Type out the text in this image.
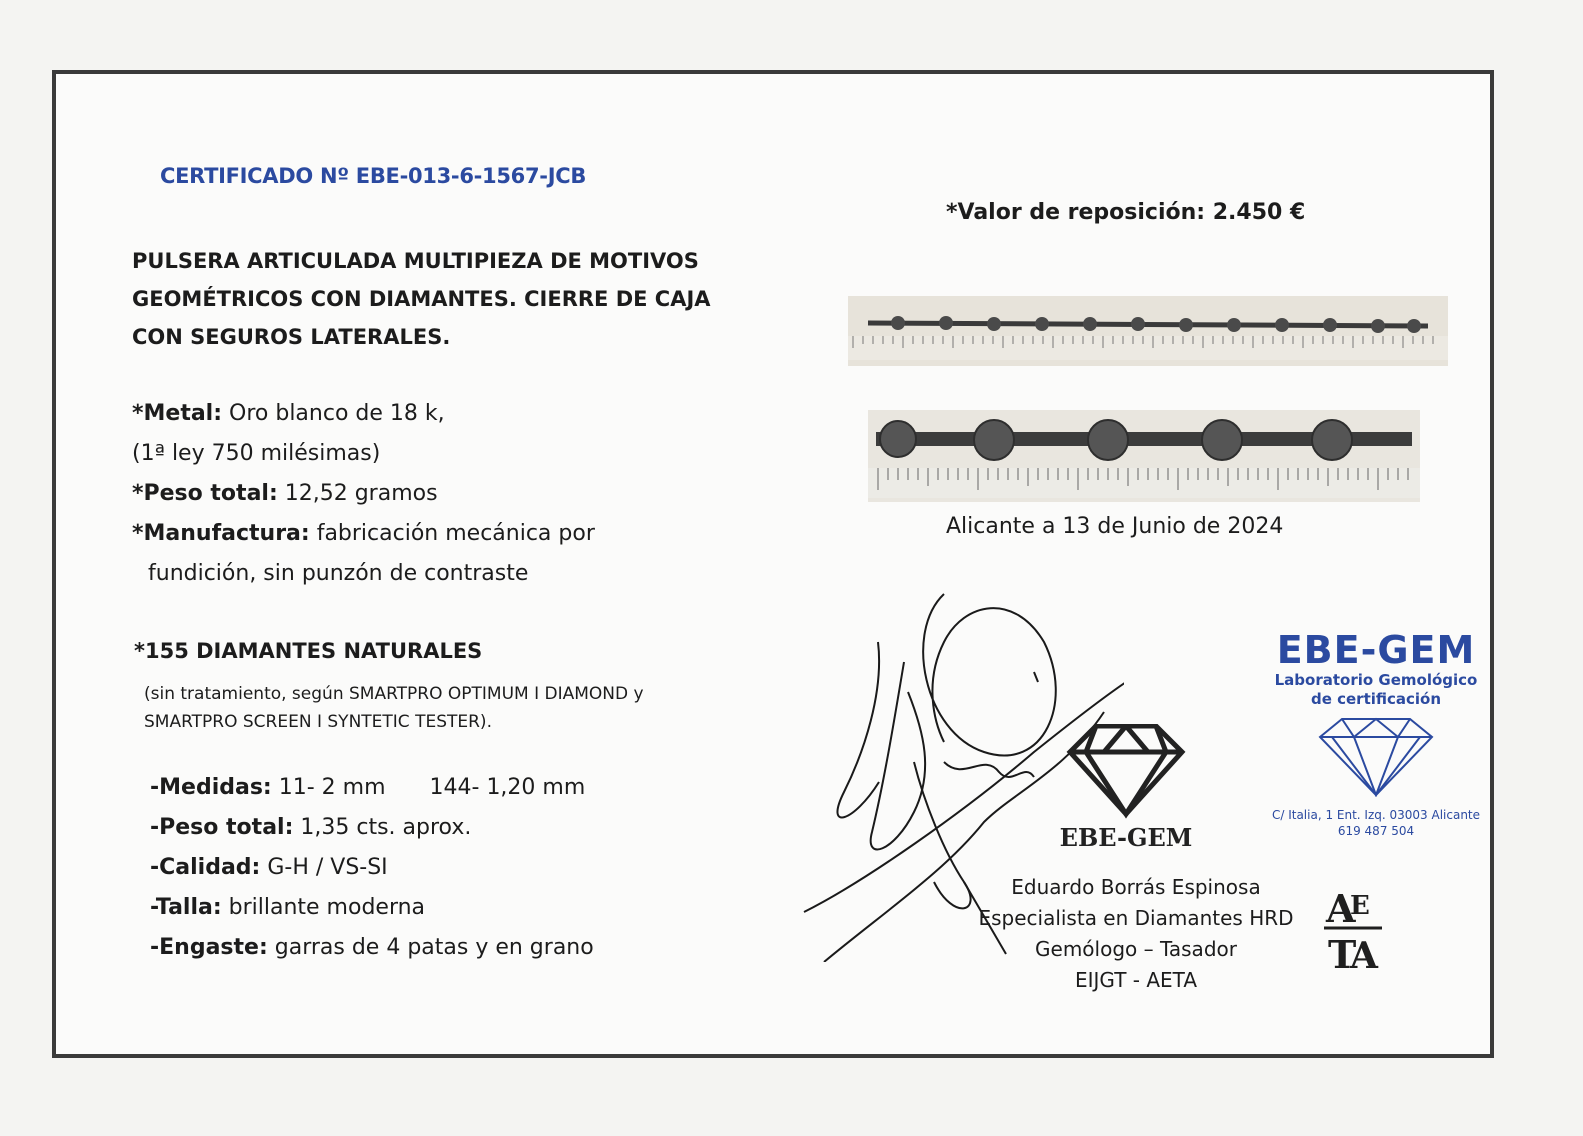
CERTIFICADO Nº EBE-013-6-1567-JCB
PULSERA ARTICULADA MULTIPIEZA DE MOTIVOS GEOMÉTRICOS CON DIAMANTES. CIERRE DE CAJA CON SEGUROS LATERALES.
*Metal: Oro blanco de 18 k,
(1ª ley 750 milésimas)
*Peso total: 12,52 gramos
*Manufactura: fabricación mecánica por
fundición, sin punzón de contraste
*155 DIAMANTES NATURALES
(sin tratamiento, según SMARTPRO OPTIMUM I DIAMOND y
SMARTPRO SCREEN I SYNTETIC TESTER).
-Medidas: 11- 2 mm 144- 1,20 mm
-Peso total: 1,35 cts. aprox.
-Calidad: G-H / VS-SI
-Talla: brillante moderna
-Engaste: garras de 4 patas y en grano
*Valor de reposición: 2.450 €
Alicante a 13 de Junio de 2024
EBE-GEM
EBE-GEM
Laboratorio Gemológico
de certificación
C/ Italia, 1 Ent. Izq. 03003 Alicante
619 487 504
Eduardo Borrás Espinosa
Especialista en Diamantes HRD
Gemólogo – Tasador
EIJGT - AETA
A
E
T
A
